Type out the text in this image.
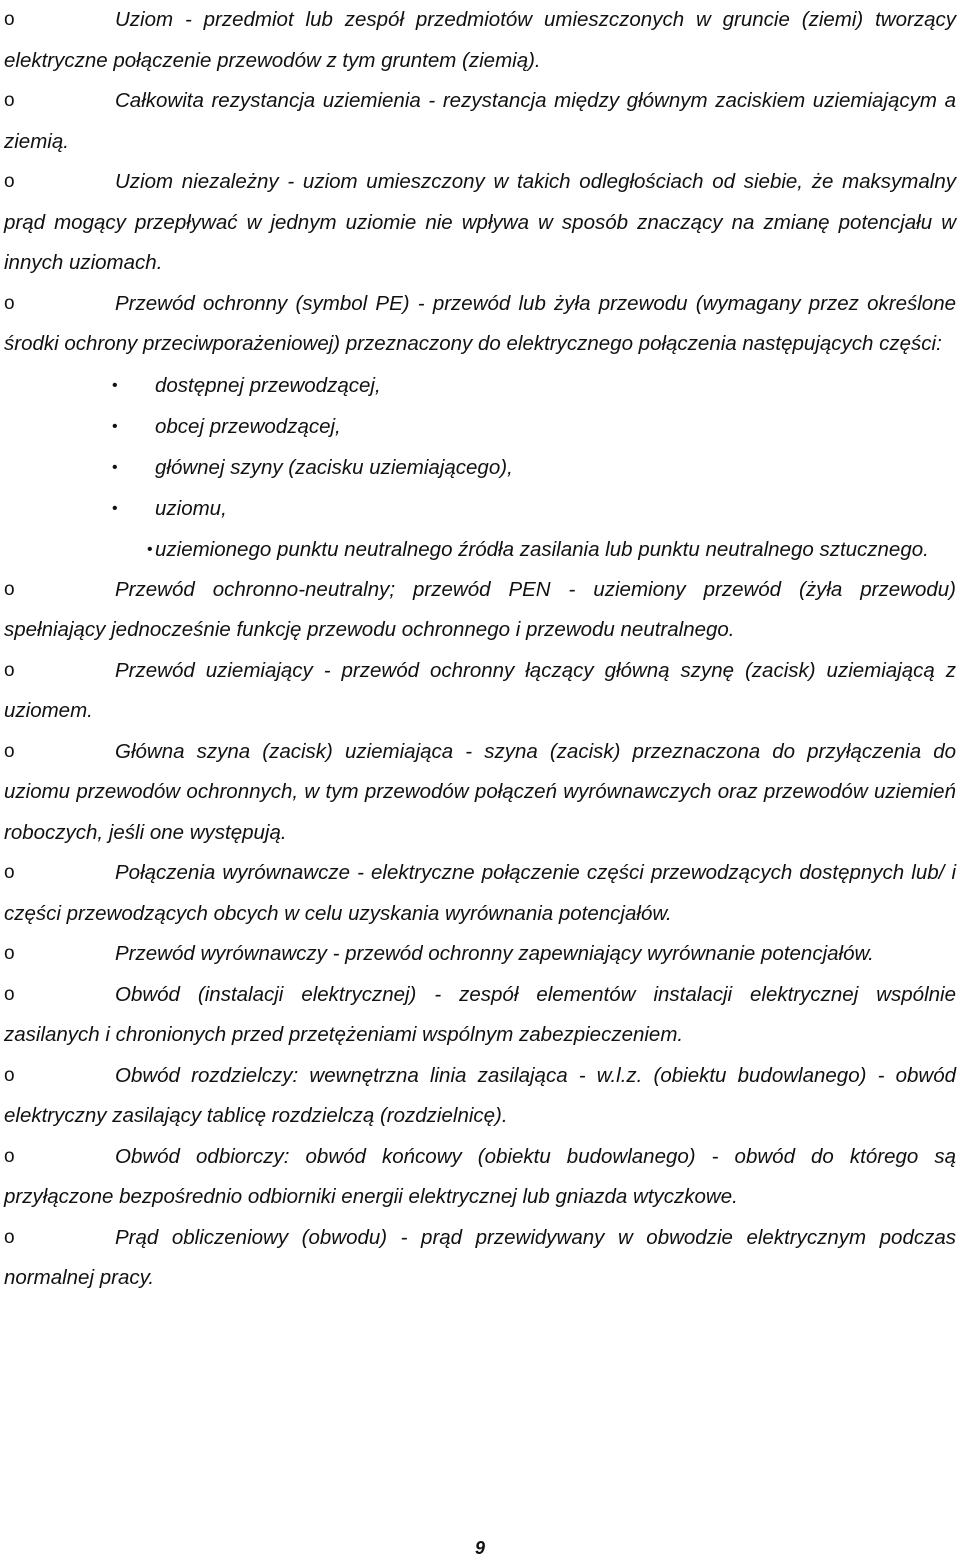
o	Uziom - przedmiot lub zespół przedmiotów umieszczonych w gruncie (ziemi) tworzący elektryczne połączenie przewodów z tym gruntem (ziemią).
o	Całkowita rezystancja uziemienia - rezystancja między głównym zaciskiem uziemiającym a ziemią.
o	Uziom niezależny - uziom umieszczony w takich odległościach od siebie, że maksymalny prąd mogący przepływać w jednym uziomie nie wpływa w sposób znaczący na zmianę potencjału w innych uziomach.
o	Przewód ochronny (symbol PE) - przewód lub żyła przewodu (wymagany przez określone środki ochrony przeciwporażeniowej) przeznaczony do elektrycznego połączenia następujących części:
• dostępnej przewodzącej,
• obcej przewodzącej,
• głównej szyny (zacisku uziemiającego),
• uziomu,
• uziemionego punktu neutralnego źródła zasilania lub punktu neutralnego sztucznego.
o	Przewód ochronno-neutralny; przewód PEN - uziemiony przewód (żyła przewodu) spełniający jednocześnie funkcję przewodu ochronnego i przewodu neutralnego.
o	Przewód uziemiający - przewód ochronny łączący główną szynę (zacisk) uziemiającą z uziomem.
o	Główna szyna (zacisk) uziemiająca - szyna (zacisk) przeznaczona do przyłączenia do uziomu przewodów ochronnych, w tym przewodów połączeń wyrównawczych oraz przewodów uziemień roboczych, jeśli one występują.
o	Połączenia wyrównawcze - elektryczne połączenie części przewodzących dostępnych lub/ i części przewodzących obcych w celu uzyskania wyrównania potencjałów.
o	Przewód wyrównawczy - przewód ochronny zapewniający wyrównanie potencjałów.
o	Obwód (instalacji elektrycznej) - zespół elementów instalacji elektrycznej wspólnie zasilanych i chronionych przed przetężeniami wspólnym zabezpieczeniem.
o	Obwód rozdzielczy: wewnętrzna linia zasilająca - w.l.z. (obiektu budowlanego) - obwód elektryczny zasilający tablicę rozdzielczą (rozdzielnicę).
o	Obwód odbiorczy: obwód końcowy (obiektu budowlanego) - obwód do którego są przyłączone bezpośrednio odbiorniki energii elektrycznej lub gniazda wtyczkowe.
o	Prąd obliczeniowy (obwodu) - prąd przewidywany w obwodzie elektrycznym podczas normalnej pracy.
9
